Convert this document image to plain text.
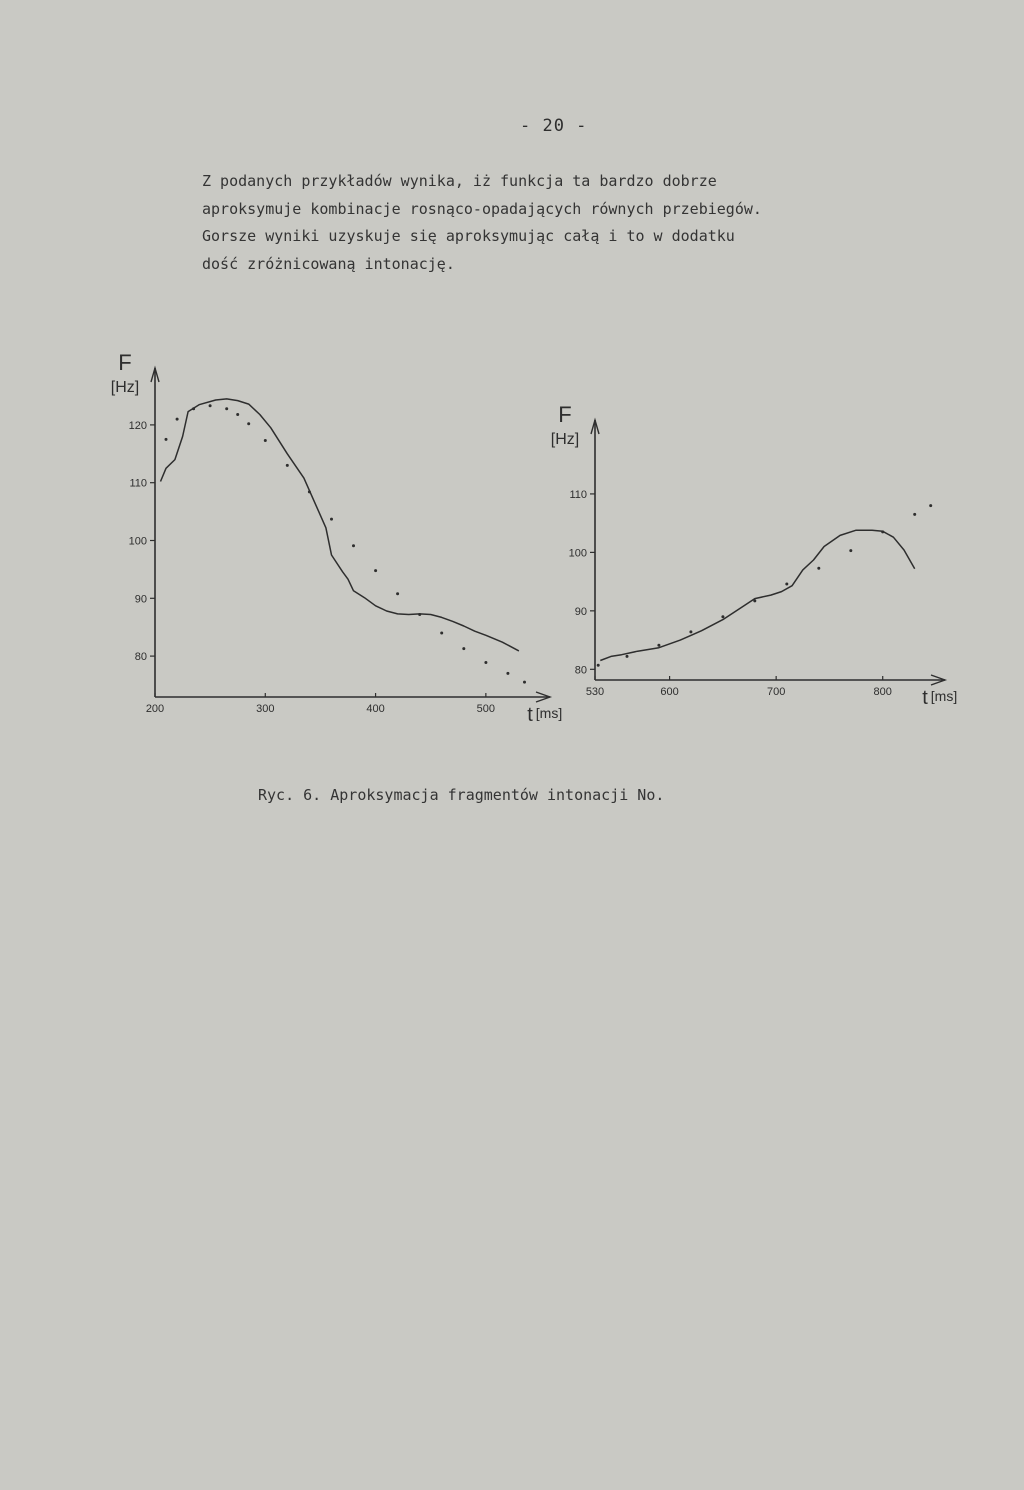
- 20 -
Z podanych przykładów wynika, iż funkcja ta bardzo dobrze
aproksymuje kombinacje rosnąco-opadających równych przebiegów.
Gorsze wyniki uzyskuje się aproksymując całą i to w dodatku
dość zróżnicowaną intonację.
80
90
100
110
120
200	300	400	500
F
[Hz]
t [ms]
80
90
100
110
530	600	700	800
F
[Hz]
t [ms]
Ryc. 6. Aproksymacja fragmentów intonacji No.
